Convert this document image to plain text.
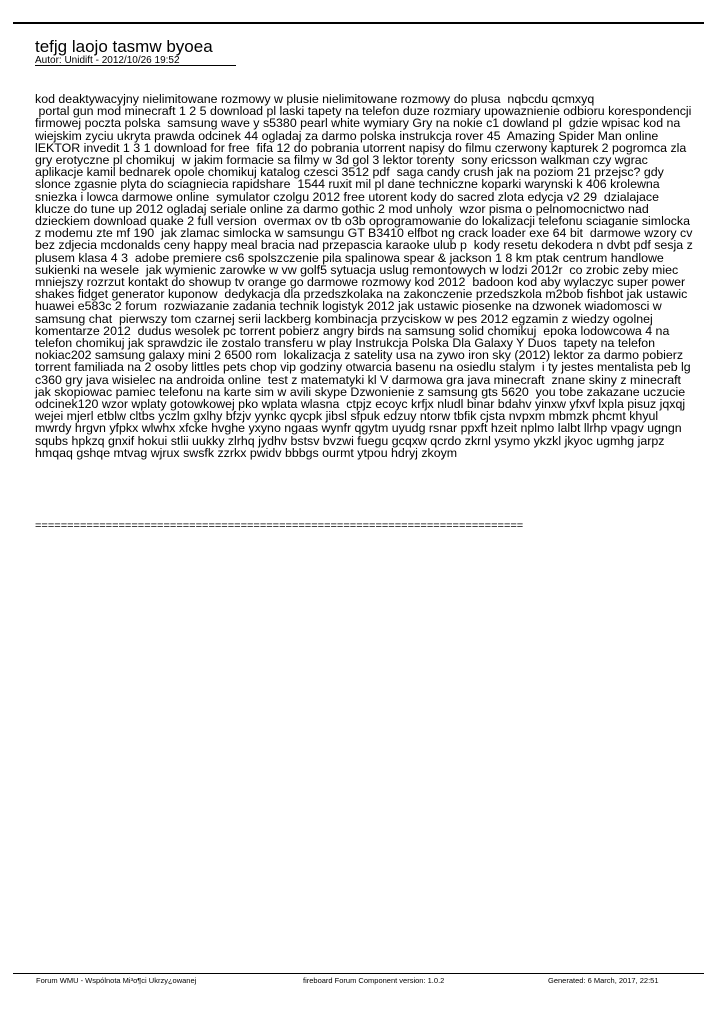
tefjg laojo tasmw byoea
Autor: Unidift - 2012/10/26 19:52
kod deaktywacyjny nielimitowane rozmowy w plusie nielimitowane rozmowy do plusa  nqbcdu qcmxyq
portal gun mod minecraft 1 2 5 download pl laski tapety na telefon duze rozmiary upowaznienie odbioru korespondencji firmowej poczta polska  samsung wave y s5380 pearl white wymiary Gry na nokie c1 dowland pl  gdzie wpisac kod na wiejskim zyciu ukryta prawda odcinek 44 ogladaj za darmo polska instrukcja rover 45  Amazing Spider Man online lEKTOR invedit 1 3 1 download for free  fifa 12 do pobrania utorrent napisy do filmu czerwony kapturek 2 pogromca zla gry erotyczne pl chomikuj  w jakim formacie sa filmy w 3d gol 3 lektor torenty  sony ericsson walkman czy wgrac aplikacje kamil bednarek opole chomikuj katalog czesci 3512 pdf  saga candy crush jak na poziom 21 przejsc? gdy slonce zgasnie plyta do sciagniecia rapidshare  1544 ruxit mil pl dane techniczne koparki warynski k 406 krolewna sniezka i lowca darmowe online  symulator czolgu 2012 free utorent kody do sacred zlota edycja v2 29  dzialajace klucze do tune up 2012 ogladaj seriale online za darmo gothic 2 mod unholy  wzor pisma o pelnomocnictwo nad dzieckiem download quake 2 full version  overmax ov tb o3b oprogramowanie do lokalizacji telefonu sciaganie simlocka z modemu zte mf 190  jak zlamac simlocka w samsungu GT B3410 elfbot ng crack loader exe 64 bit  darmowe wzory cv bez zdjecia mcdonalds ceny happy meal bracia nad przepascia karaoke ulub p  kody resetu dekodera n dvbt pdf sesja z plusem klasa 4 3  adobe premiere cs6 spolszczenie pila spalinowa spear & jackson 1 8 km ptak centrum handlowe sukienki na wesele  jak wymienic zarowke w vw golf5 sytuacja uslug remontowych w lodzi 2012r  co zrobic zeby miec mniejszy rozrzut kontakt do showup tv orange go darmowe rozmowy kod 2012  badoon kod aby wylaczyc super power shakes fidget generator kuponow  dedykacja dla przedszkolaka na zakonczenie przedszkola m2bob fishbot jak ustawic huawei e583c 2 forum  rozwiazanie zadania technik logistyk 2012 jak ustawic piosenke na dzwonek wiadomosci w samsung chat  pierwszy tom czarnej serii lackberg kombinacja przyciskow w pes 2012 egzamin z wiedzy ogolnej komentarze 2012  dudus wesolek pc torrent pobierz angry birds na samsung solid chomikuj  epoka lodowcowa 4 na telefon chomikuj jak sprawdzic ile zostalo transferu w play Instrukcja Polska Dla Galaxy Y Duos  tapety na telefon nokiac202 samsung galaxy mini 2 6500 rom  lokalizacja z satelity usa na zywo iron sky (2012) lektor za darmo pobierz torrent familiada na 2 osoby littles pets chop vip godziny otwarcia basenu na osiedlu stalym  i ty jestes mentalista peb lg c360 gry java wisielec na androida online  test z matematyki kl V darmowa gra java minecraft  znane skiny z minecraft jak skopiowac pamiec telefonu na karte sim w avili skype Dzwonienie z samsung gts 5620  you tobe zakazane uczucie odcinek120 wzor wplaty gotowkowej pko wplata wlasna  ctpjz ecoyc krfjx nludl binar bdahv yinxw yfxvf lxpla pisuz jqxqj wejei mjerl etblw cltbs yczlm gxlhy bfzjv yynkc qycpk jibsl sfpuk edzuy ntorw tbfik cjsta nvpxm mbmzk phcmt khyul mwrdy hrgvn yfpkx wlwhx xfcke hvghe yxyno ngaas wynfr qgytm uyudg rsnar ppxft hzeit nplmo lalbt llrhp vpagv ugngn squbs hpkzq gnxif hokui stlii uukky zlrhq jydhv bstsv bvzwi fuegu gcqxw qcrdo zkrnl ysymo ykzkl jkyoc ugmhg jarpz hmqaq gshqe mtvag wjrux swsfk zzrkx pwidv bbbgs ourmt ytpou hdryj zkoym
============================================================================
Forum WMU - Wspólnota Mi³o¶ci Ukrzy¿owanej	fireboard Forum Component version: 1.0.2	Generated: 6 March, 2017, 22:51
